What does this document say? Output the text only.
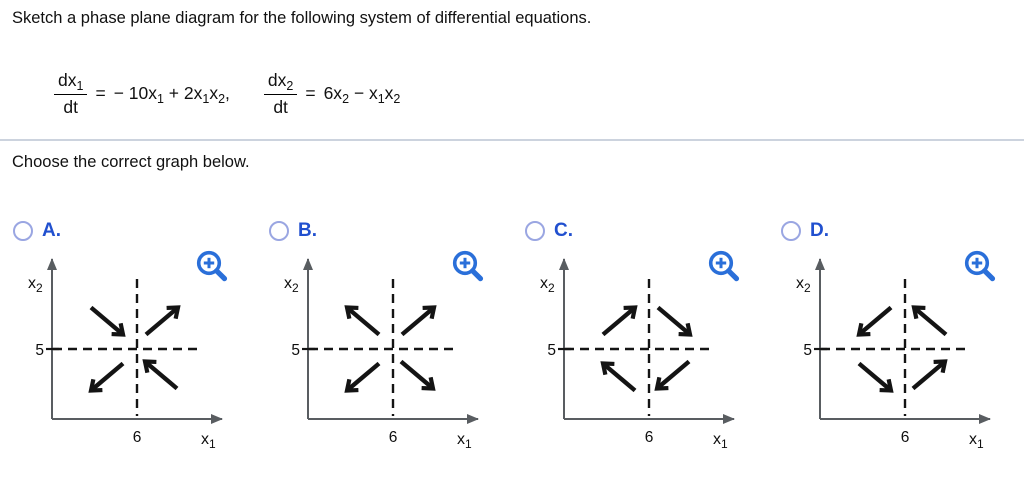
Sketch a phase plane diagram for the following system of differential equations.
$\frac{dx_1}{dt}$ = − $10x_1 + 2x_1x_2$, $\frac{dx_2}{dt} = 6x_2 - x_1x_2$
Choose the correct graph below.
A.
$x_2$
5
6	$x_1$
B.
$x_2$
5
6	$x_1$
C.
$x_2$
5
6	$x_1$
D.
$x_2$
5
6	$x_1$
